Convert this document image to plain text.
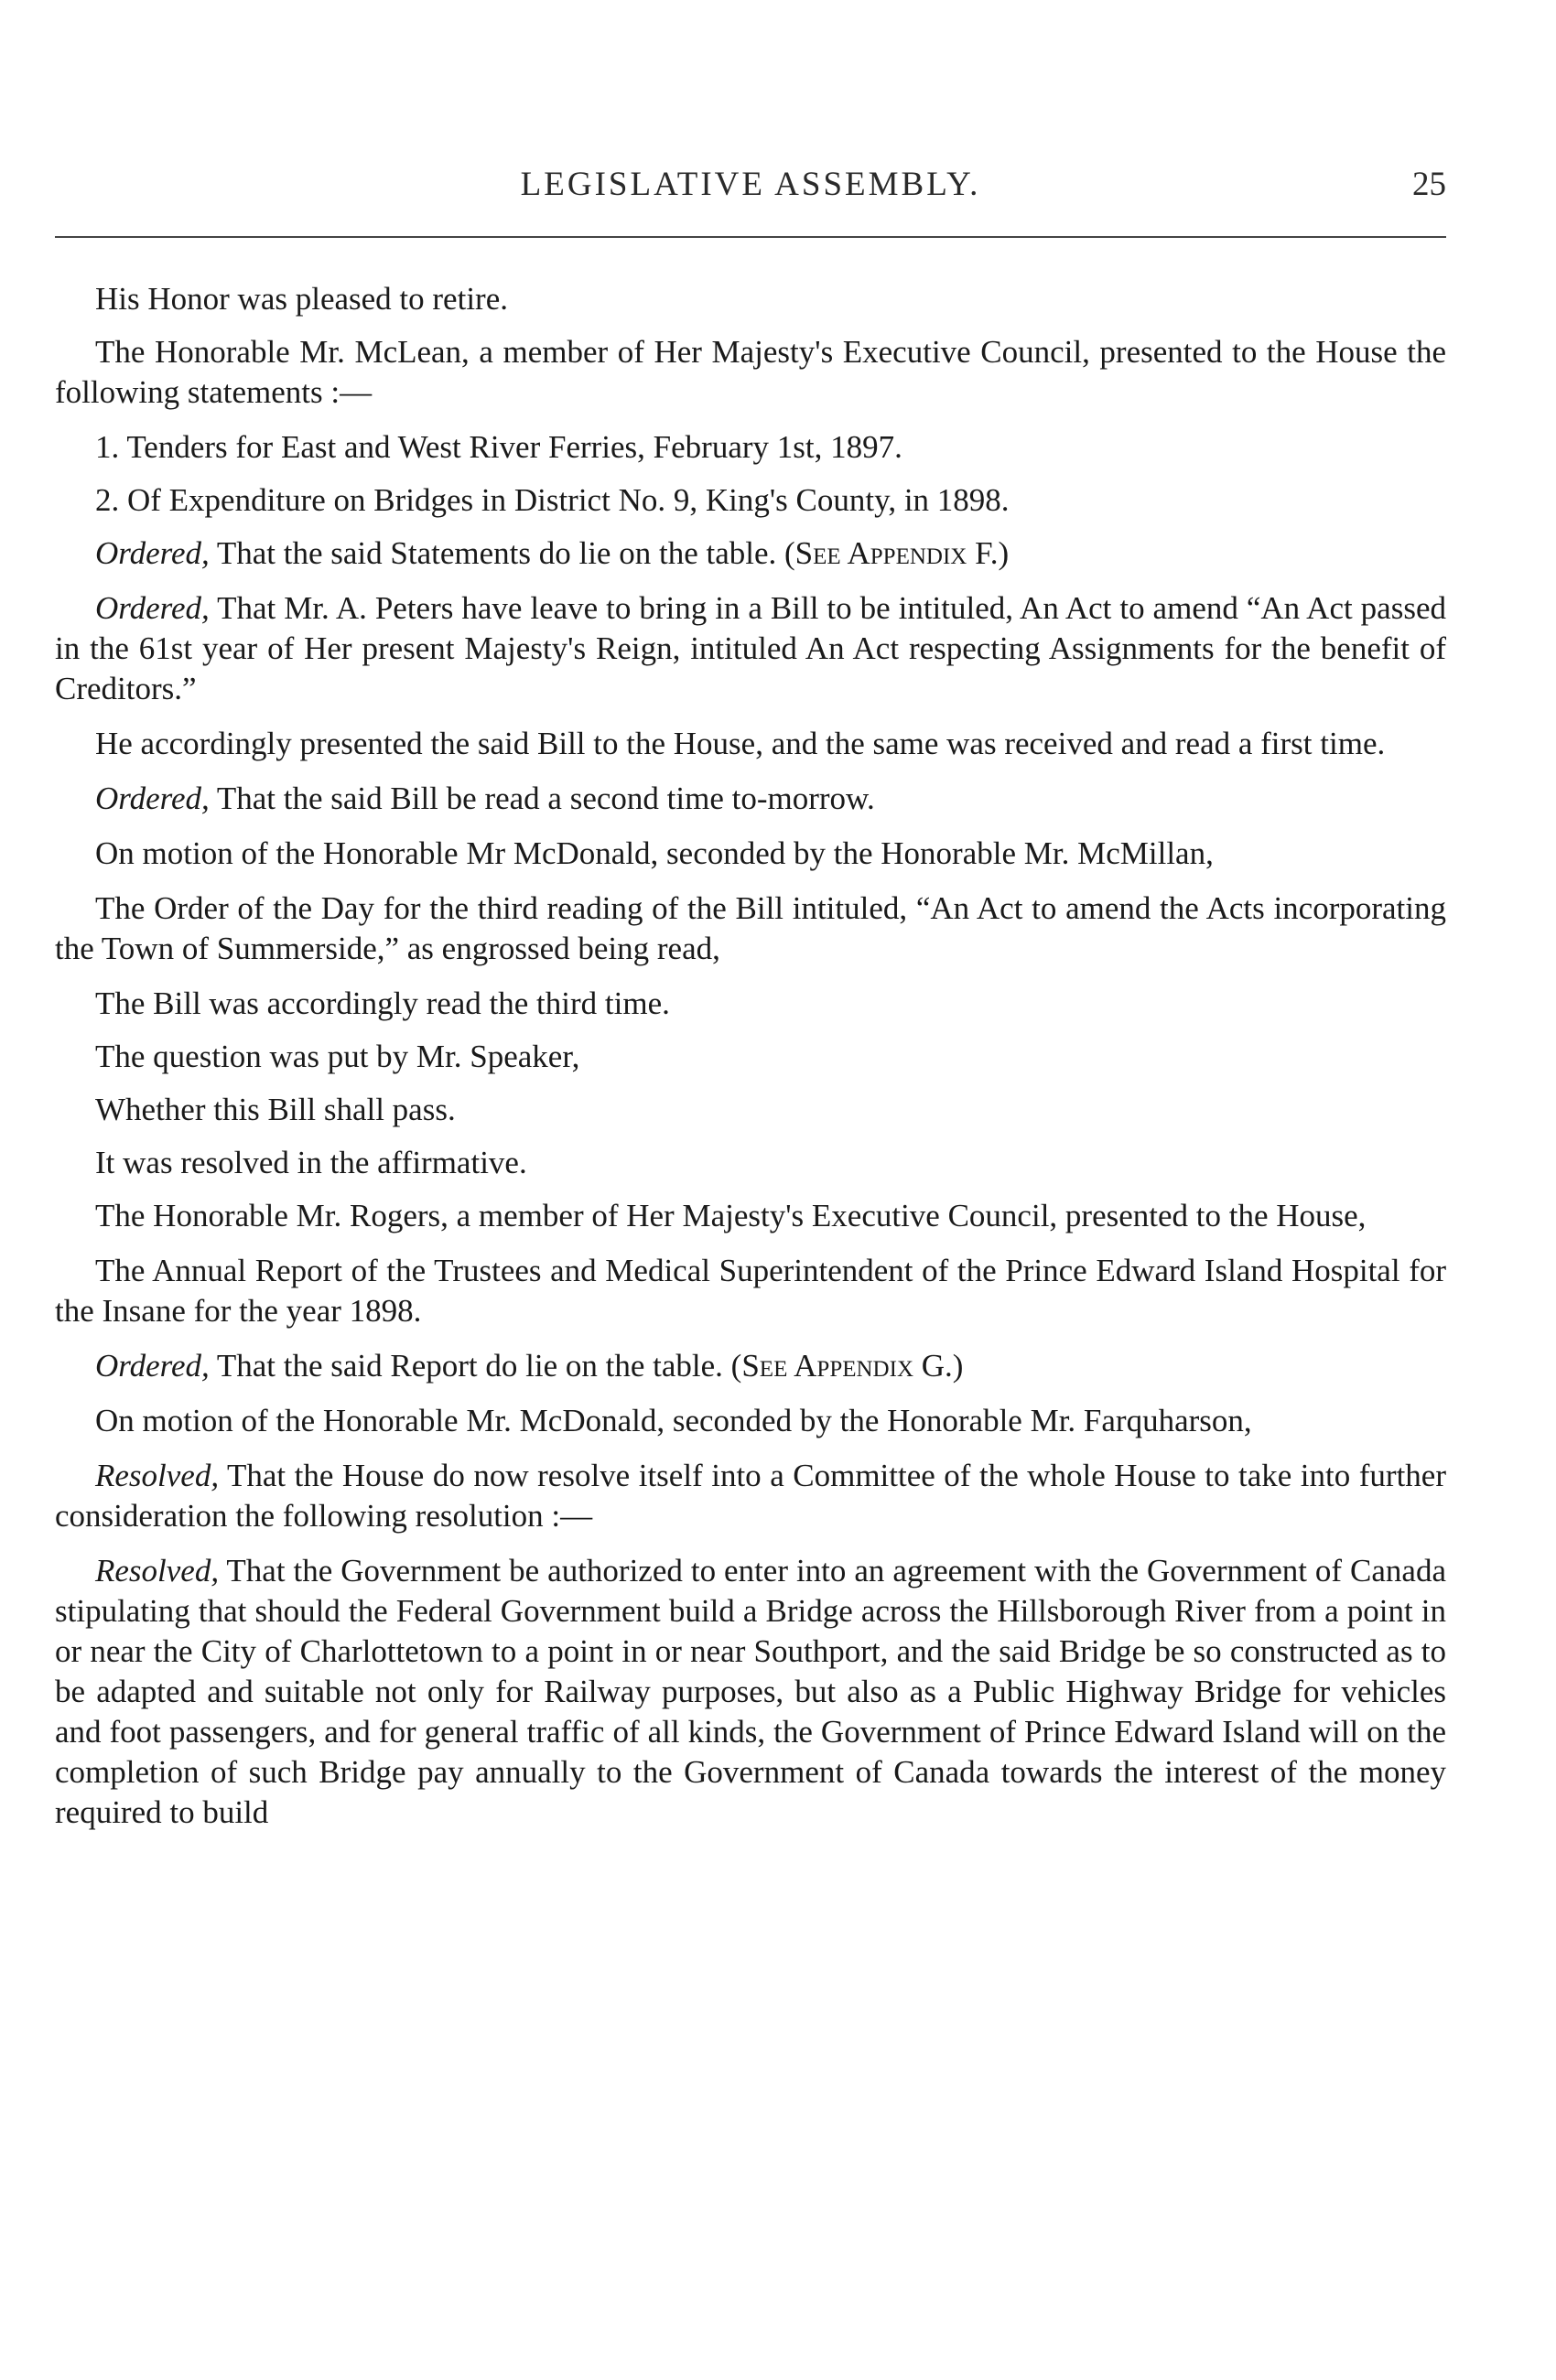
LEGISLATIVE ASSEMBLY.	25

His Honor was pleased to retire.

The Honorable Mr. McLean, a member of Her Majesty's Executive Council, presented to the House the following statements :—

1. Tenders for East and West River Ferries, February 1st, 1897.

2. Of Expenditure on Bridges in District No. 9, King's County, in 1898.

Ordered, That the said Statements do lie on the table. (See Appendix F.)

Ordered, That Mr. A. Peters have leave to bring in a Bill to be intituled, An Act to amend “An Act passed in the 61st year of Her present Majesty's Reign, intituled An Act respecting Assignments for the benefit of Creditors.”

He accordingly presented the said Bill to the House, and the same was received and read a first time.

Ordered, That the said Bill be read a second time to-morrow.

On motion of the Honorable Mr McDonald, seconded by the Honorable Mr. McMillan,

The Order of the Day for the third reading of the Bill intituled, “An Act to amend the Acts incorporating the Town of Summerside,” as engrossed being read,

The Bill was accordingly read the third time.

The question was put by Mr. Speaker,

Whether this Bill shall pass.

It was resolved in the affirmative.

The Honorable Mr. Rogers, a member of Her Majesty's Executive Council, presented to the House,

The Annual Report of the Trustees and Medical Superintendent of the Prince Edward Island Hospital for the Insane for the year 1898.

Ordered, That the said Report do lie on the table. (See Appendix G.)

On motion of the Honorable Mr. McDonald, seconded by the Honorable Mr. Farquharson,

Resolved, That the House do now resolve itself into a Committee of the whole House to take into further consideration the following resolution :—

Resolved, That the Government be authorized to enter into an agreement with the Government of Canada stipulating that should the Federal Government build a Bridge across the Hillsborough River from a point in or near the City of Charlottetown to a point in or near Southport, and the said Bridge be so constructed as to be adapted and suitable not only for Railway purposes, but also as a Public Highway Bridge for vehicles and foot passengers, and for general traffic of all kinds, the Government of Prince Edward Island will on the completion of such Bridge pay annually to the Government of Canada towards the interest of the money required to build
